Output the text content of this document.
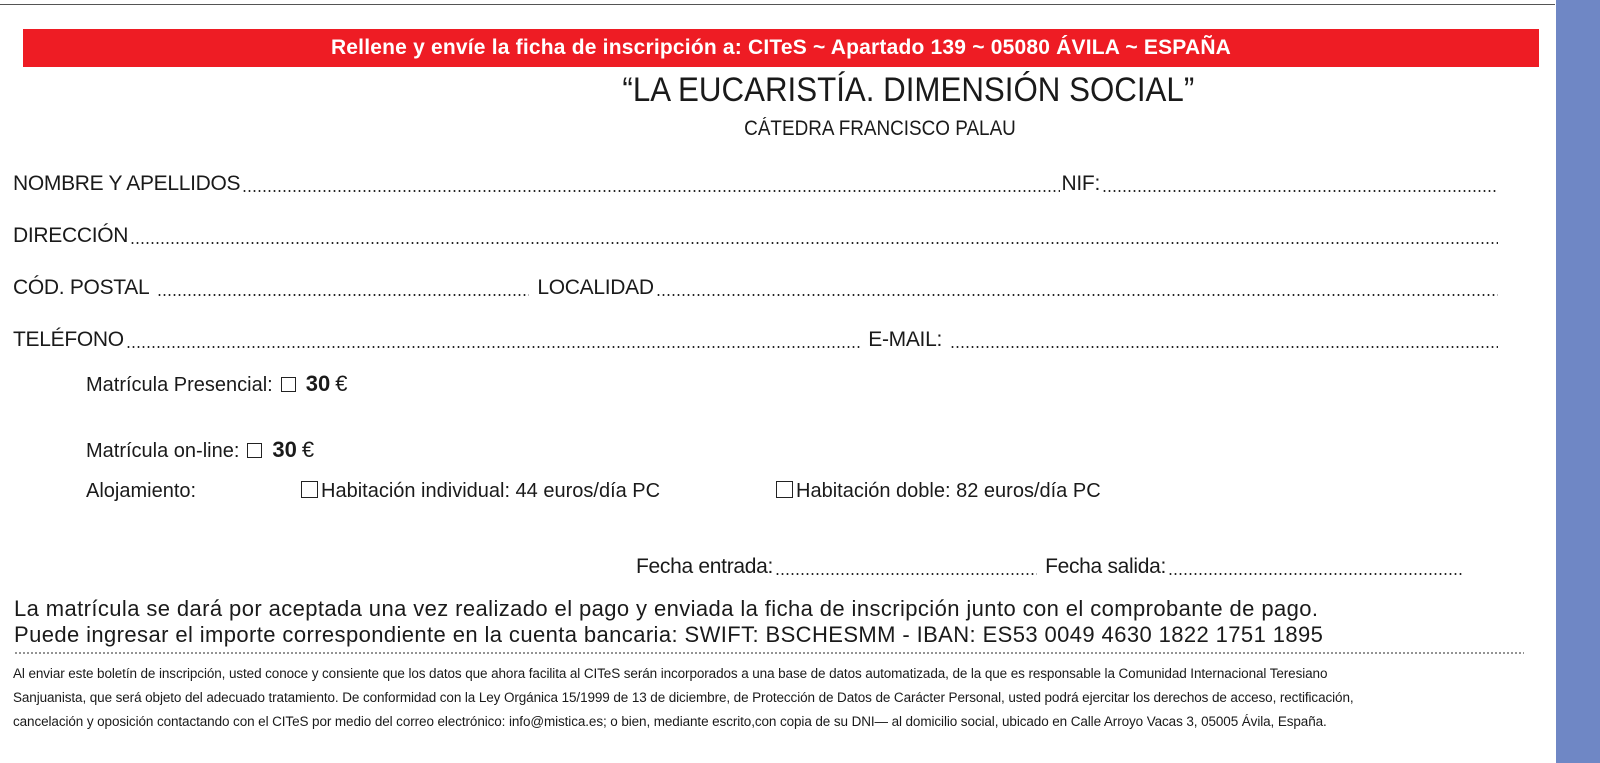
Rellene y envíe la ficha de inscripción a: CITeS ~ Apartado 139 ~ 05080 ÁVILA ~ ESPAÑA
“LA EUCARISTÍA. DIMENSIÓN SOCIAL”
CÁTEDRA FRANCISCO PALAU
NOMBRE Y APELLIDOS	NIF:
DIRECCIÓN
CÓD. POSTAL	LOCALIDAD
TELÉFONO	E-MAIL:
Matrícula Presencial: 30 €
Matrícula on-line: 30 €
Alojamiento:	Habitación individual: 44 euros/día PC	Habitación doble: 82 euros/día PC
Fecha entrada:	Fecha salida:
La matrícula se dará por aceptada una vez realizado el pago y enviada la ficha de inscripción junto con el comprobante de pago.
Puede ingresar el importe correspondiente en la cuenta bancaria: SWIFT: BSCHESMM - IBAN: ES53 0049 4630 1822 1751 1895

Al enviar este boletín de inscripción, usted conoce y consiente que los datos que ahora facilita al CITeS serán incorporados a una base de datos automatizada, de la que es responsable la Comunidad Internacional Teresiano

Sanjuanista, que será objeto del adecuado tratamiento. De conformidad con la Ley Orgánica 15/1999 de 13 de diciembre, de Protección de Datos de Carácter Personal, usted podrá ejercitar los derechos de acceso, rectificación,

cancelación y oposición contactando con el CITeS por medio del correo electrónico: info@mistica.es; o bien, mediante escrito,con copia de su DNI— al domicilio social, ubicado en Calle Arroyo Vacas 3, 05005 Ávila, España.
